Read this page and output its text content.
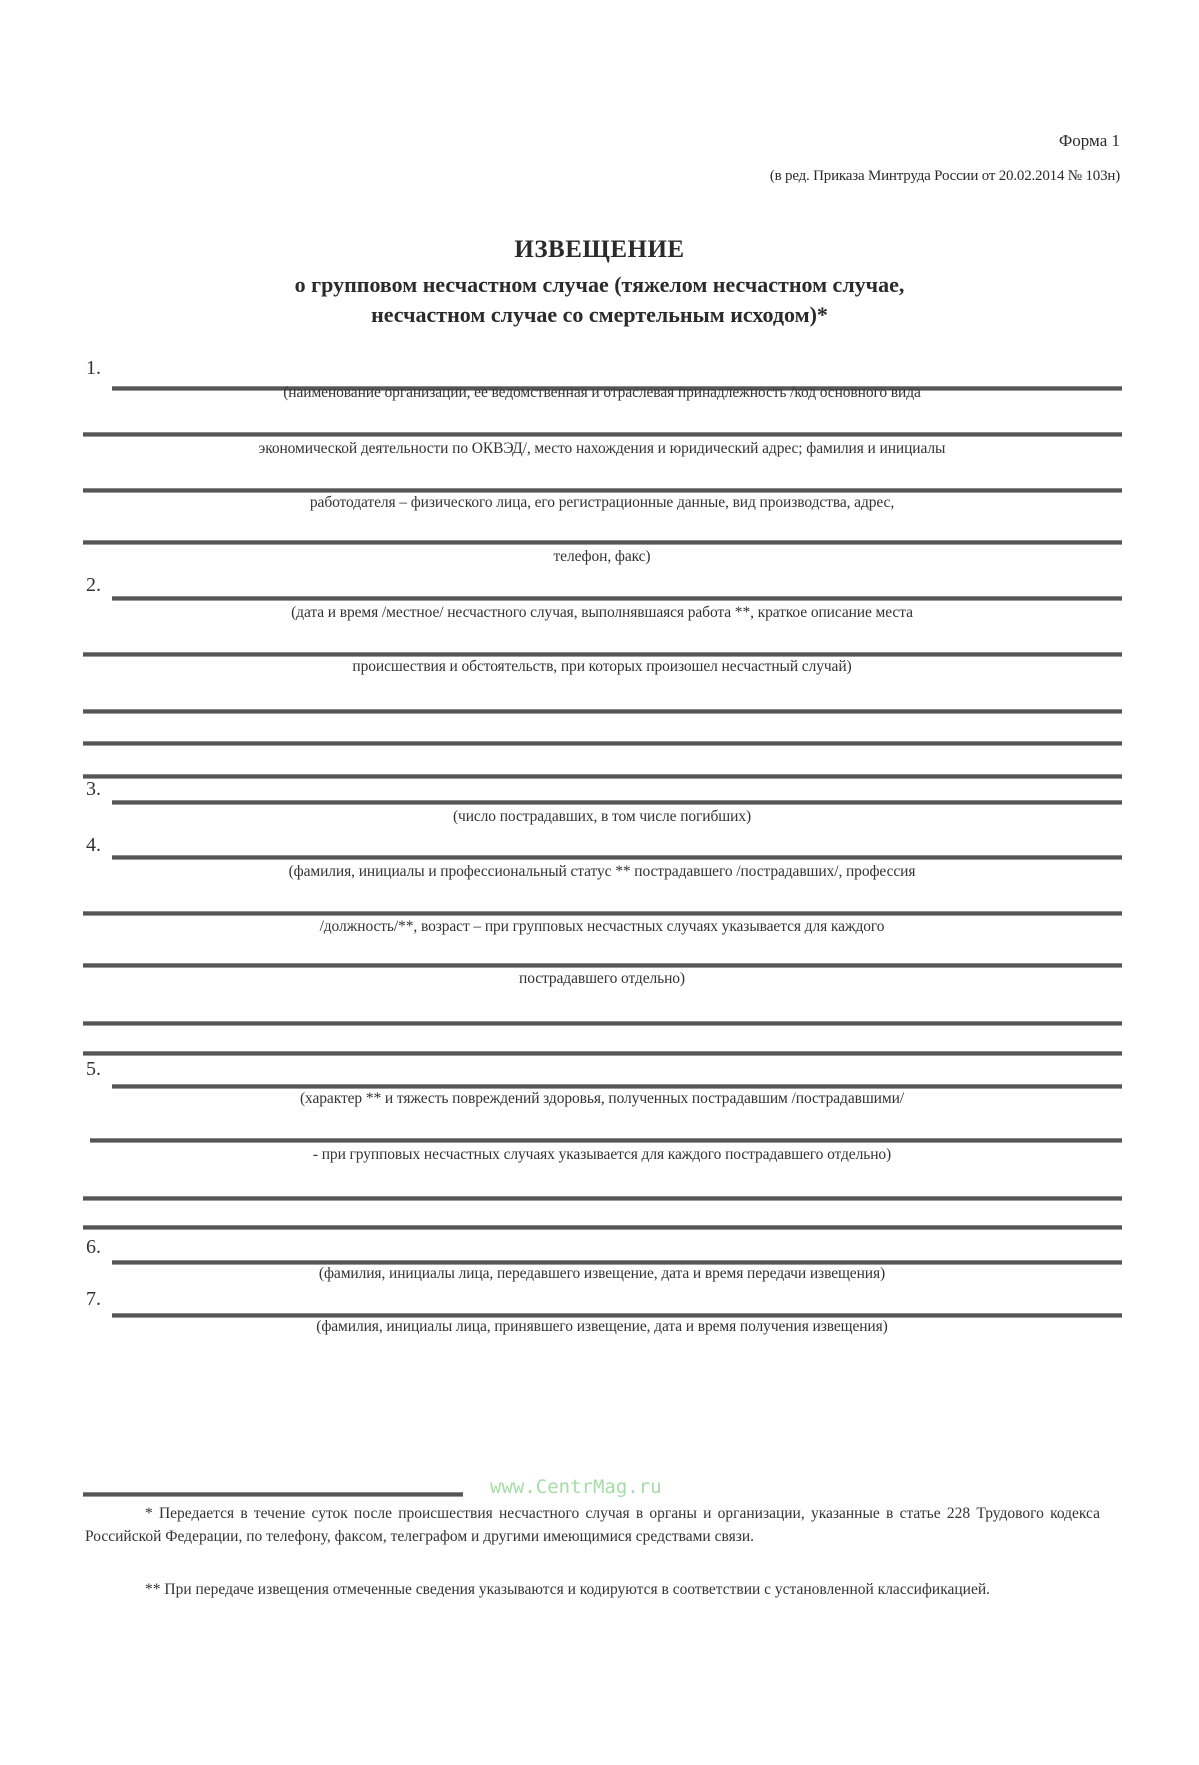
Форма 1
(в ред. Приказа Минтруда России от 20.02.2014 № 103н)
ИЗВЕЩЕНИЕ
о групповом несчастном случае (тяжелом несчастном случае,
несчастном случае со смертельным исходом)*
1.
(наименование организации, ее ведомственная и отраслевая принадлежность /код основного вида
экономической деятельности по ОКВЭД/, место нахождения и юридический адрес; фамилия и инициалы
работодателя – физического лица, его регистрационные данные, вид производства, адрес,
телефон, факс)
2.
(дата и время /местное/ несчастного случая, выполнявшаяся работа **, краткое описание места
происшествия и обстоятельств, при которых произошел несчастный случай)
3.
(число пострадавших, в том числе погибших)
4.
(фамилия, инициалы и профессиональный статус ** пострадавшего /пострадавших/, профессия
/должность/**, возраст – при групповых несчастных случаях указывается для каждого
пострадавшего отдельно)
5.
(характер ** и тяжесть повреждений здоровья, полученных пострадавшим /пострадавшими/
- при групповых несчастных случаях указывается для каждого пострадавшего отдельно)
6.
(фамилия, инициалы лица, передавшего извещение, дата и время передачи извещения)
7.
(фамилия, инициалы лица, принявшего извещение, дата и время получения извещения)
www.CentrMag.ru
* Передается в течение суток после происшествия несчастного случая в органы и организации, указанные в статье 228 Трудового кодекса Российской Федерации, по телефону, факсом, телеграфом и другими имеющимися средствами связи.
** При передаче извещения отмеченные сведения указываются и кодируются в соответствии с установленной классификацией.
